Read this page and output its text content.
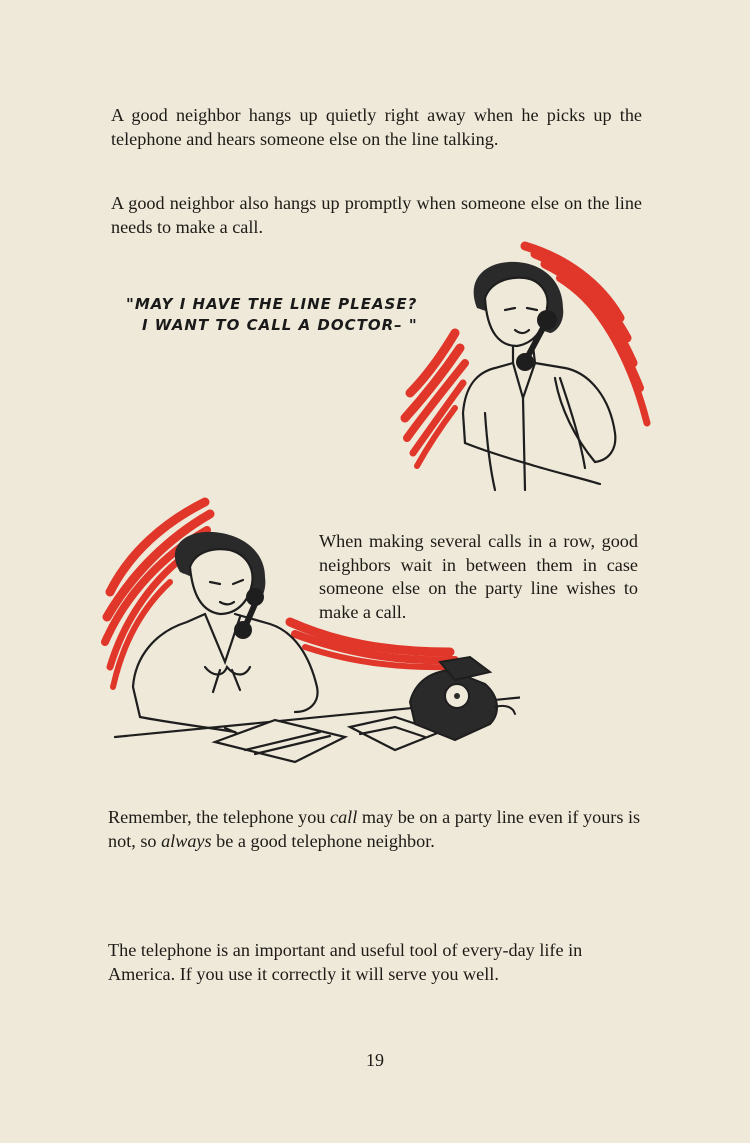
A good neighbor hangs up quietly right away when he picks up the telephone and hears someone else on the line talking.

A good neighbor also hangs up promptly when someone else on the line needs to make a call.

"MAY I HAVE THE LINE PLEASE?
I WANT TO CALL A DOCTOR– "

When making several calls in a row, good neighbors wait in between them in case someone else on the party line wishes to make a call.

Remember, the telephone you call may be on a party line even if yours is not, so always be a good telephone neighbor.

The telephone is an important and useful tool of every-day life in America. If you use it correctly it will serve you well.

19
